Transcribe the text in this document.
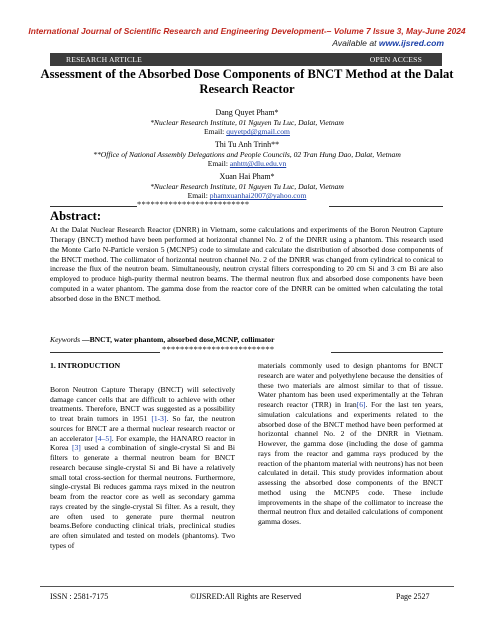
International Journal of Scientific Research and Engineering Development-– Volume 7 Issue 3, May-June 2024
Available at www.ijsred.com
RESEARCH ARTICLE	OPEN ACCESS
Assessment of the Absorbed Dose Components of BNCT Method at the Dalat Research Reactor
Dang Quyet Pham*
*Nuclear Research Institute, 01 Nguyen Tu Luc, Dalat, Vietnam
Email: quyetpd@gmail.com
Thi Tu Anh Trinh**
**Office of National Assembly Delegations and People Councils, 02 Tran Hung Dao, Dalat, Vietnam
Email: anhttt@dlu.edu.vn
Xuan Hai Pham*
*Nuclear Research Institute, 01 Nguyen Tu Luc, Dalat, Vietnam
Email: phamxuanhai2007@yahoo.com
*************************
Abstract:
At the Dalat Nuclear Research Reactor (DNRR) in Vietnam, some calculations and experiments of the Boron Neutron Capture Therapy (BNCT) method have been performed at horizontal channel No. 2 of the DNRR using a phantom. This research used the Monte Carlo N-Particle version 5 (MCNP5) code to simulate and calculate the distribution of absorbed dose components of the BNCT method. The collimator of horizontal neutron channel No. 2 of the DNRR was changed from cylindrical to conical to increase the flux of the neutron beam. Simultaneously, neutron crystal filters corresponding to 20 cm Si and 3 cm Bi are also employed to produce high-purity thermal neutron beams. The thermal neutron flux and absorbed dose components have been computed in a water phantom. The gamma dose from the reactor core of the DNRR can be omitted when calculating the total absorbed dose in the BNCT method.
Keywords —BNCT, water phantom, absorbed dose,MCNP, collimator
*************************

1. INTRODUCTION

Boron Neutron Capture Therapy (BNCT) will selectively damage cancer cells that are difficult to achieve with other treatments. Therefore, BNCT was suggested as a possibility to treat brain tumors in 1951 [1-3]. So far, the neutron sources for BNCT are a thermal nuclear research reactor or an accelerator [4–5]. For example, the HANARO reactor in Korea [3] used a combination of single-crystal Si and Bi filters to generate a thermal neutron beam for BNCT research because single-crystal Si and Bi have a relatively small total cross-section for thermal neutrons. Furthermore, single-crystal Bi reduces gamma rays mixed in the neutron beam from the reactor core as well as secondary gamma rays created by the single-crystal Si filter. As a result, they are often used to generate pure thermal neutron beams.Before conducting clinical trials, preclinical studies are often simulated and tested on models (phantoms). Two types of

materials commonly used to design phantoms for BNCT research are water and polyethylene because the densities of these two materials are almost similar to that of tissue. Water phantom has been used experimentally at the Tehran research reactor (TRR) in Iran[6]. For the last ten years, simulation calculations and experiments related to the absorbed dose of the BNCT method have been performed at horizontal channel No. 2 of the DNRR in Vietnam. However, the gamma dose (including the dose of gamma rays from the reactor and gamma rays produced by the reaction of the phantom material with neutrons) has not been calculated in detail. This study provides information about assessing the absorbed dose components of the BNCT method using the MCNP5 code. These include improvements in the shape of the collimator to increase the thermal neutron flux and detailed calculations of component gamma doses.

ISSN : 2581-7175	©IJSRED:All Rights are Reserved	Page 2527
